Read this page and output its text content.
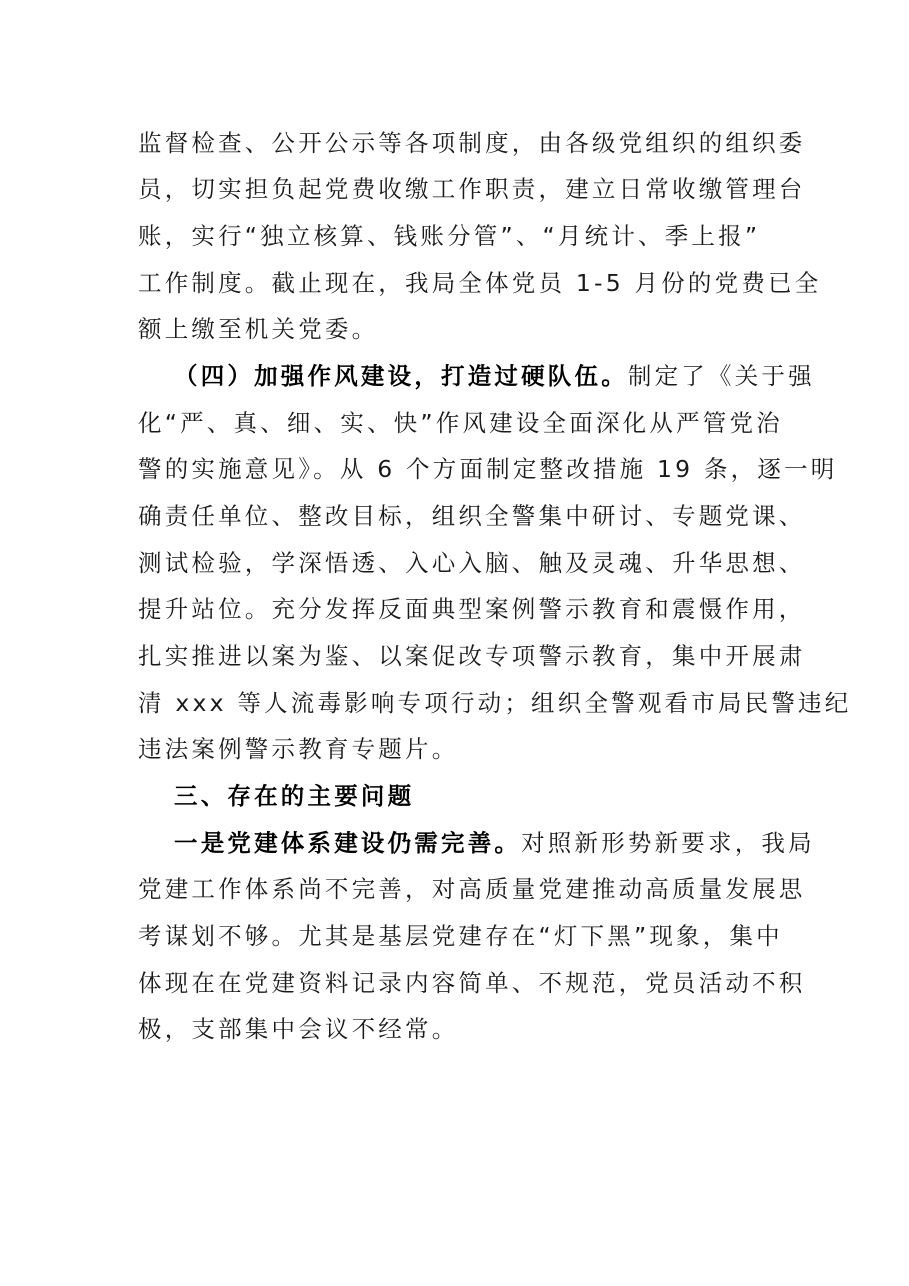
监督检查、公开公示等各项制度，由各级党组织的组织委
员，切实担负起党费收缴工作职责，建立日常收缴管理台
账，实行“独立核算、钱账分管”、“月统计、季上报”
工作制度。截止现在，我局全体党员 1-5 月份的党费已全
额上缴至机关党委。
（四）加强作风建设，打造过硬队伍。制定了《关于强
化“严、真、细、实、快”作风建设全面深化从严管党治
警的实施意见》。从 6 个方面制定整改措施 19 条，逐一明
确责任单位、整改目标，组织全警集中研讨、专题党课、
测试检验，学深悟透、入心入脑、触及灵魂、升华思想、
提升站位。充分发挥反面典型案例警示教育和震慑作用，
扎实推进以案为鉴、以案促改专项警示教育，集中开展肃
清 xxx 等人流毒影响专项行动；组织全警观看市局民警违纪
违法案例警示教育专题片。
三、存在的主要问题
一是党建体系建设仍需完善。对照新形势新要求，我局
党建工作体系尚不完善，对高质量党建推动高质量发展思
考谋划不够。尤其是基层党建存在“灯下黑”现象，集中
体现在在党建资料记录内容简单、不规范，党员活动不积
极，支部集中会议不经常。
